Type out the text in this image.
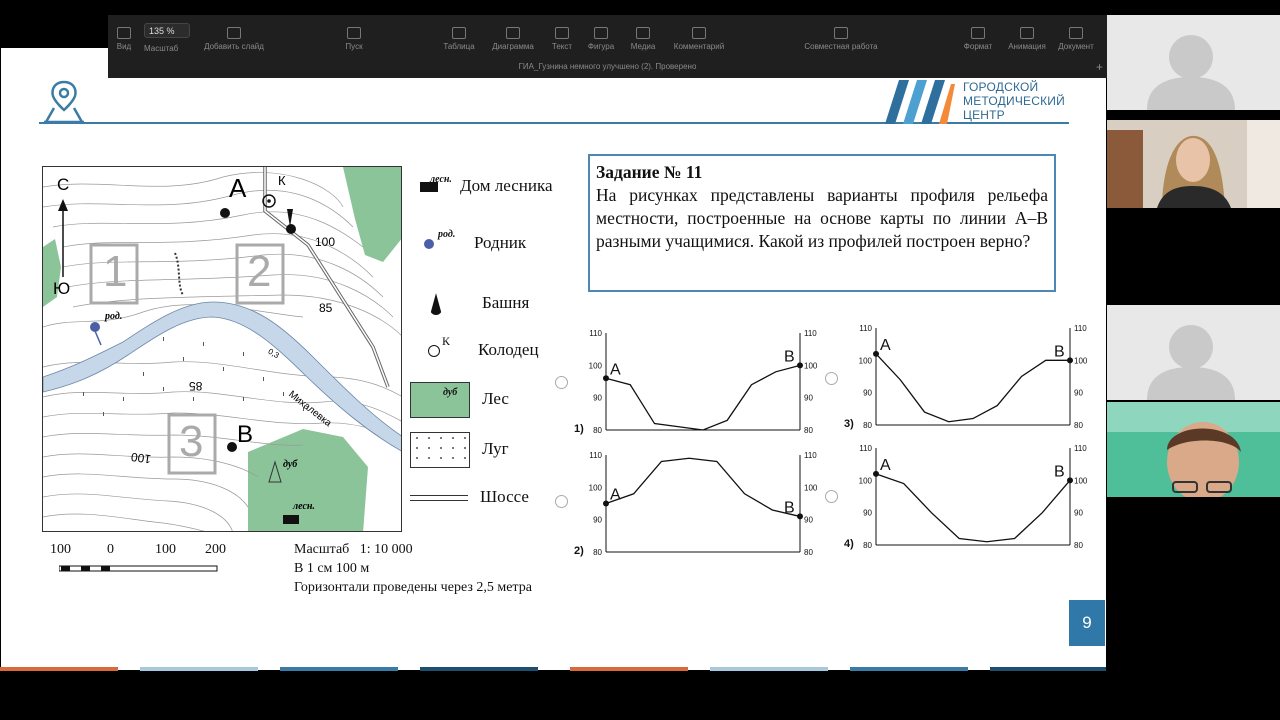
Вид
135 %
Масштаб	Добавить слайд	Пуск	Таблица	Диаграмма	Текст	Фигура	Медиа	Комментарий	Совместная работа	Формат	Анимация	Документ
ГИА_Гузнина немного улучшено (2). Проверено	+
ГОРОДСКОЙ
МЕТОДИЧЕСКИЙ
ЦЕНТР
С
Ю
А
В
К
род.
лесн.
дуб
Михалевка
0,3
100
85
85
100
1	2
3
Дом лесника
лесн.
Родник
род.
Башня
Колодец
К
дуб Лес
Луг
Шоссе
Задание № 11
На рисунках представлены варианты профиля рельефа местности, построенные на основе карты по линии А–В разными учащимися. Какой из профилей построен верно?
100	0	100 200	Масштаб   1: 10 000
В 1 см 100 м
Горизонтали проведены через 2,5 метра
110	110
100	100
90	90
80	80
А
В
1)
110	110
100	100
90	90
80	80
А
В
2)
110	110
100	100
90	90
80	80
А	В
3)
110	110
100	100
90	90
80	80
А	В
4)
9
